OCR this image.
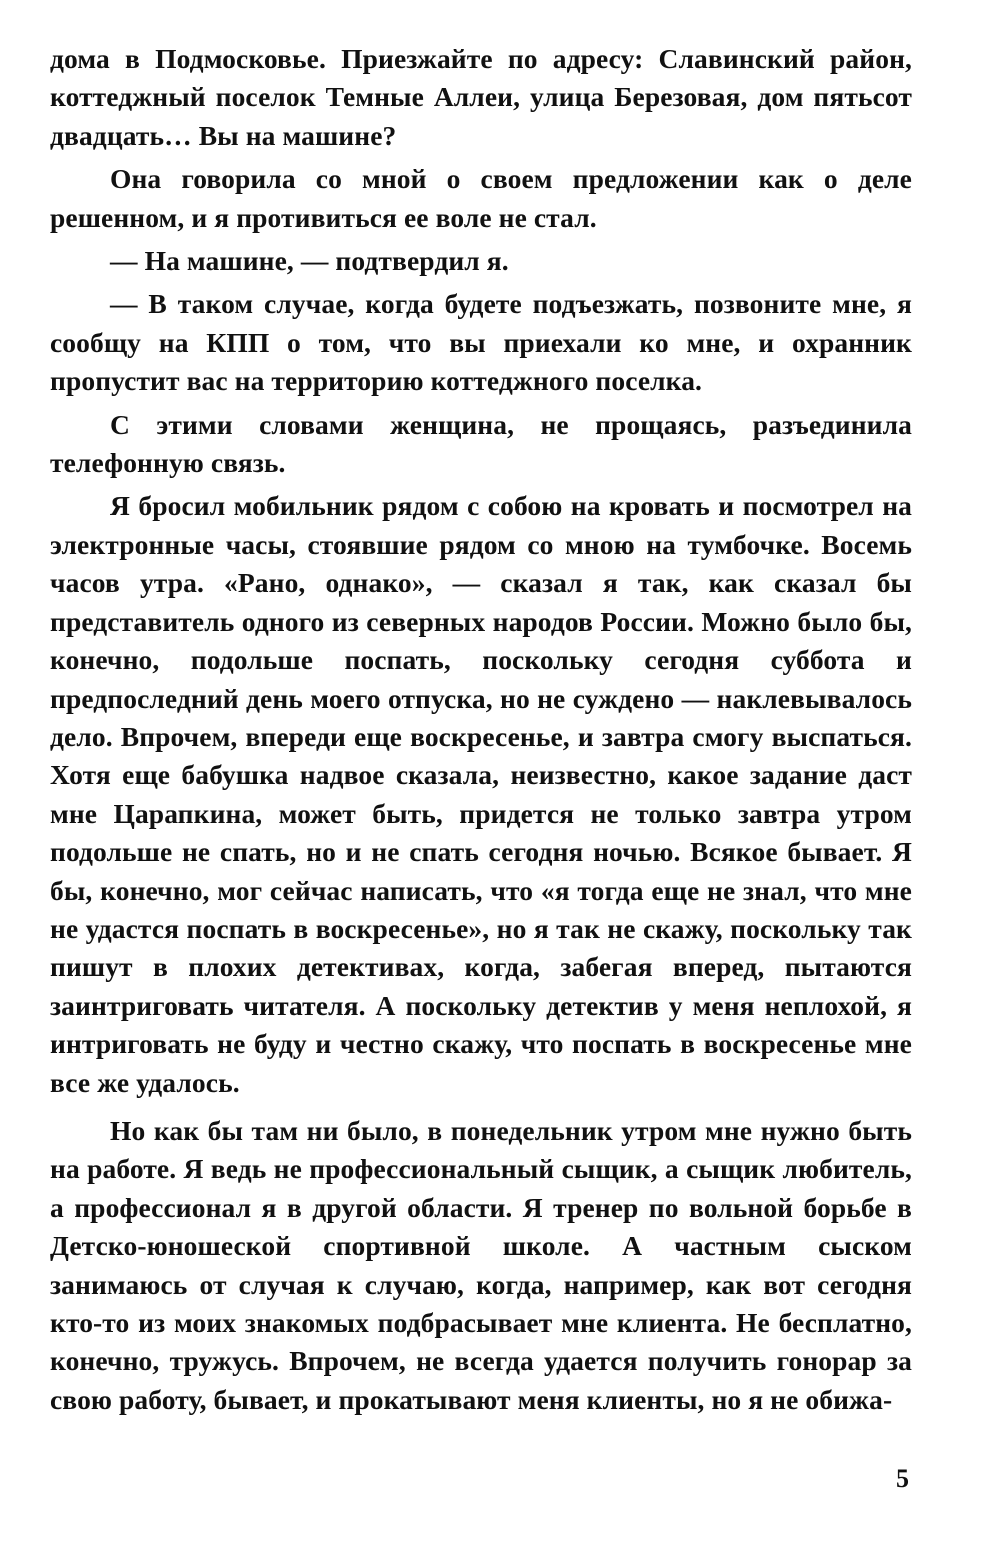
дома в Подмосковье. Приезжайте по адресу: Славинский район, коттеджный поселок Темные Аллеи, улица Березовая, дом пятьсот двадцать… Вы на машине?

Она говорила со мной о своем предложении как о деле решенном, и я противиться ее воле не стал.

— На машине, — подтвердил я.

— В таком случае, когда будете подъезжать, позвоните мне, я сообщу на КПП о том, что вы приехали ко мне, и охранник пропустит вас на территорию коттеджного поселка.

С этими словами женщина, не прощаясь, разъединила телефонную связь.

Я бросил мобильник рядом с собою на кровать и посмотрел на электронные часы, стоявшие рядом со мною на тумбочке. Восемь часов утра. «Рано, однако», — сказал я так, как сказал бы представитель одного из северных народов России. Можно было бы, конечно, подольше поспать, поскольку сегодня суббота и предпоследний день моего отпуска, но не суждено — наклевывалось дело. Впрочем, впереди еще воскресенье, и завтра смогу выспаться. Хотя еще бабушка надвое сказала, неизвестно, какое задание даст мне Царапкина, может быть, придется не только завтра утром подольше не спать, но и не спать сегодня ночью. Всякое бывает. Я бы, конечно, мог сейчас написать, что «я тогда еще не знал, что мне не удастся поспать в воскресенье», но я так не скажу, поскольку так пишут в плохих детективах, когда, забегая вперед, пытаются заинтриговать читателя. А поскольку детектив у меня неплохой, я интриговать не буду и честно скажу, что поспать в воскресенье мне все же удалось.

Но как бы там ни было, в понедельник утром мне нужно быть на работе. Я ведь не профессиональный сыщик, а сыщик любитель, а профессионал я в другой области. Я тренер по вольной борьбе в Детско-юношеской спортивной школе. А частным сыском занимаюсь от случая к случаю, когда, например, как вот сегодня кто-то из моих знакомых подбрасывает мне клиента. Не бесплатно, конечно, тружусь. Впрочем, не всегда удается получить гонорар за свою работу, бывает, и прокатывают меня клиенты, но я не обижа-

5
